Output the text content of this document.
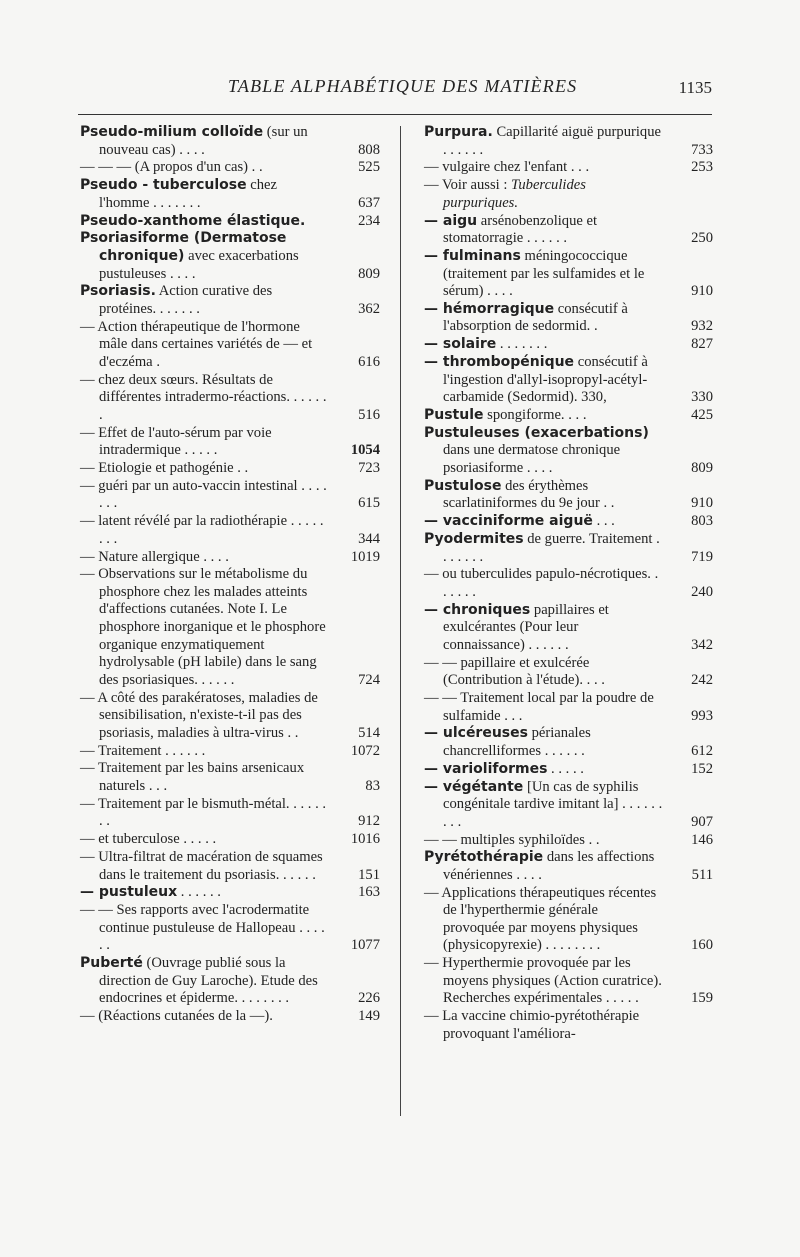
TABLE ALPHABÉTIQUE DES MATIÈRES	1135
Pseudo-milium colloïde (sur un nouveau cas) . . . .	808
— — — (A propos d'un cas) . .	525
Pseudo - tuberculose chez l'homme . . . . . . .	637
Pseudo-xanthome élastique.	234
Psoriasiforme (Dermatose chronique) avec exacerbations pustuleuses . . . .	809
Psoriasis. Action curative des protéines. . . . . . .	362
— Action thérapeutique de l'hormone mâle dans certaines variétés de — et d'eczéma .	616
— chez deux sœurs. Résultats de différentes intradermo-réactions. . . . . . .	516
— Effet de l'auto-sérum par voie intradermique . . . . .	1054
— Etiologie et pathogénie . .	723
— guéri par un auto-vaccin intestinal . . . . . . .	615
— latent révélé par la radiothérapie . . . . . . . .	344
— Nature allergique . . . .	1019
— Observations sur le métabolisme du phosphore chez les malades atteints d'affections cutanées. Note I. Le phosphore inorganique et le phosphore organique enzymatiquement hydrolysable (pH labile) dans le sang des psoriasiques. . . . . .	724
— A côté des parakératoses, maladies de sensibilisation, n'existe-t-il pas des psoriasis, maladies à ultra-virus . .	514
— Traitement . . . . . .	1072
— Traitement par les bains arsenicaux naturels . . .	83
— Traitement par le bismuth-métal. . . . . . . .	912
— et tuberculose . . . . .	1016
— Ultra-filtrat de macération de squames dans le traitement du psoriasis. . . . . .	151
— pustuleux . . . . . .	163
— — Ses rapports avec l'acrodermatite continue pustuleuse de Hallopeau . . . . . .	1077
Puberté (Ouvrage publié sous la direction de Guy Laroche). Etude des endocrines et épiderme. . . . . . . .	226
— (Réactions cutanées de la —).	149
Purpura. Capillarité aiguë purpurique . . . . . .	733
— vulgaire chez l'enfant . . .	253
— Voir aussi : Tuberculides purpuriques.
— aigu arsénobenzolique et stomatorragie . . . . . .	250
— fulminans méningococcique (traitement par les sulfamides et le sérum) . . . .	910
— hémorragique consécutif à l'absorption de sedormid. .	932
— solaire . . . . . . .	827
— thrombopénique consécutif à l'ingestion d'allyl-isopropyl-acétyl-carbamide (Sedormid). 330,	330
Pustule spongiforme. . . .	425
Pustuleuses (exacerbations) dans une dermatose chronique psoriasiforme . . . .	809
Pustulose des érythèmes scarlatiniformes du 9e jour . .	910
— vacciniforme aiguë . . .	803
Pyodermites de guerre. Traitement . . . . . . .	719
— ou tuberculides papulo-nécrotiques. . . . . . .	240
— chroniques papillaires et exulcérantes (Pour leur connaissance) . . . . . .	342
— — papillaire et exulcérée (Contribution à l'étude). . . .	242
— — Traitement local par la poudre de sulfamide . . .	993
— ulcéreuses périanales chancrelliformes . . . . . .	612
— varioliformes . . . . .	152
— végétante [Un cas de syphilis congénitale tardive imitant la] . . . . . . . . .	907
— — multiples syphiloïdes . .	146
Pyrétothérapie dans les affections vénériennes . . . .	511
— Applications thérapeutiques récentes de l'hyperthermie générale provoquée par moyens physiques (physicopyrexie) . . . . . . . .	160
— Hyperthermie provoquée par les moyens physiques (Action curatrice). Recherches expérimentales . . . . .	159
— La vaccine chimio-pyrétothérapie provoquant l'améliora-
